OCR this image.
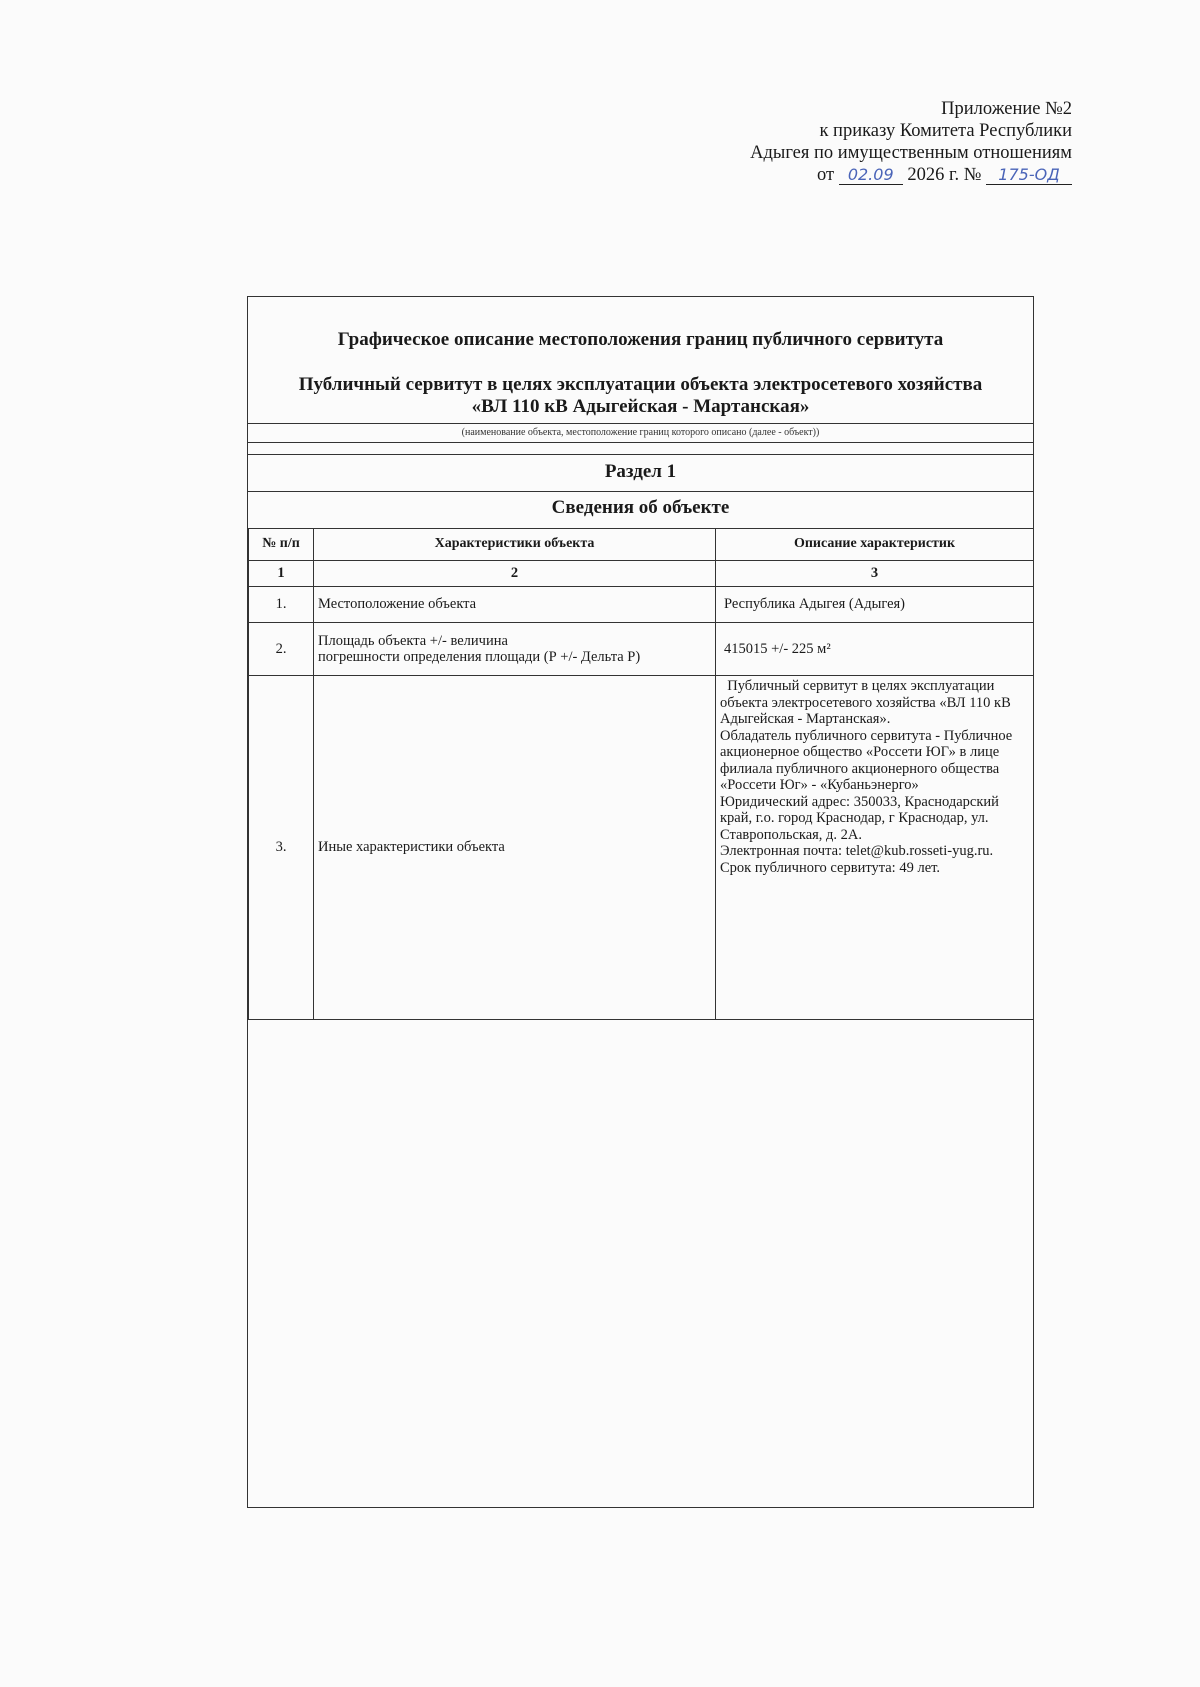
Приложение №2
к приказу Комитета Республики
Адыгея по имущественным отношениям
от 02.09 2026 г. № 175-ОД
Графическое описание местоположения границ публичного сервитута
Публичный сервитут в целях эксплуатации объекта электросетевого хозяйства
«ВЛ 110 кВ Адыгейская - Мартанская»
(наименование объекта, местоположение границ которого описано (далее - объект))
Раздел 1
Сведения об объекте
№ п/п	Характеристики объекта	Описание характеристик
1	2	3
1.	Местоположение объекта	Республика Адыгея (Адыгея)
2.	Площадь объекта +/- величина
погрешности определения площади (Р +/- Дельта Р)	415015 +/- 225 м²
3.	Иные характеристики объекта	Публичный сервитут в целях эксплуатации объекта электросетевого хозяйства «ВЛ 110 кВ Адыгейская - Мартанская».
Обладатель публичного сервитута - Публичное акционерное общество «Россети ЮГ» в лице филиала публичного акционерного общества «Россети Юг» - «Кубаньэнерго»
Юридический адрес: 350033, Краснодарский край, г.о. город Краснодар, г Краснодар, ул. Ставропольская, д. 2А.
Электронная почта: telet@kub.rosseti-yug.ru.
Срок публичного сервитута: 49 лет.
